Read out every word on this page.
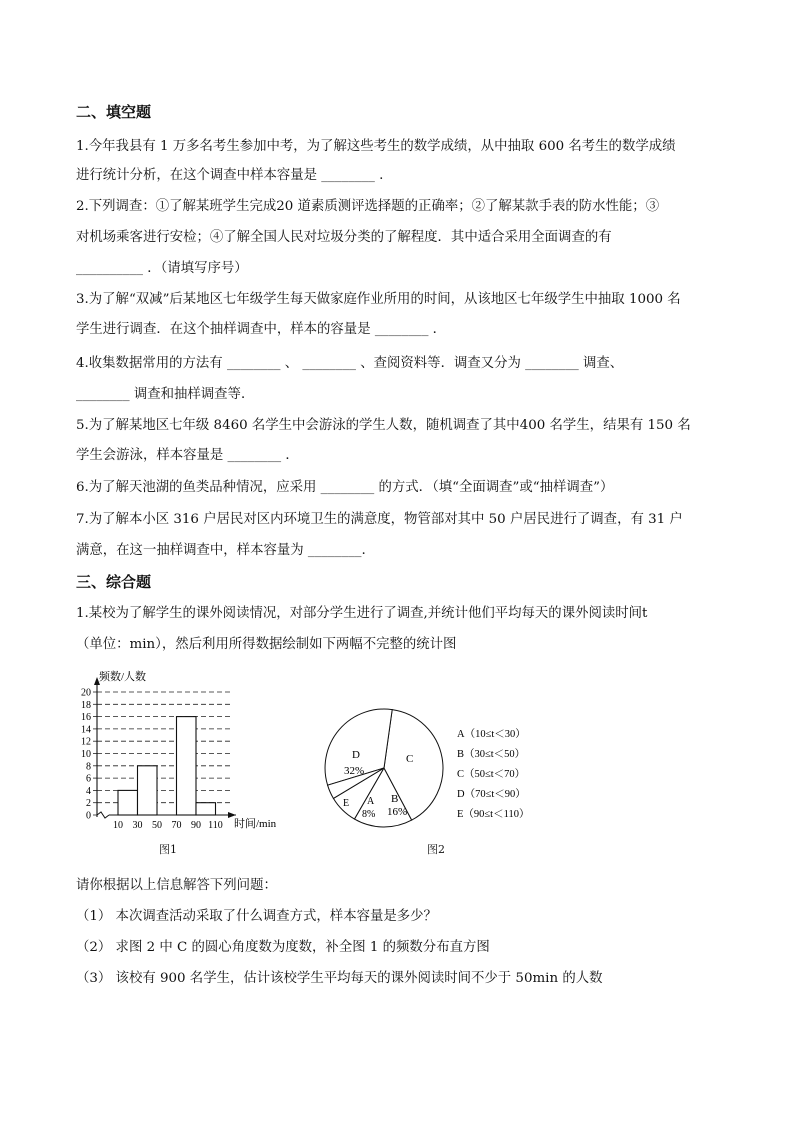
二、填空题
1.今年我县有 1 万多名考生参加中考，为了解这些考生的数学成绩，从中抽取 600 名考生的数学成绩
进行统计分析，在这个调查中样本容量是 ________ .
2.下列调查：①了解某班学生完成20 道素质测评选择题的正确率；②了解某款手表的防水性能；③
对机场乘客进行安检；④了解全国人民对垃圾分类的了解程度．其中适合采用全面调查的有
__________ ．（请填写序号）
3.为了解“双减”后某地区七年级学生每天做家庭作业所用的时间，从该地区七年级学生中抽取 1000 名
学生进行调查．在这个抽样调查中，样本的容量是 ________ ．
4.收集数据常用的方法有 ________ 、 ________ 、查阅资料等．调查又分为 ________ 调查、
________ 调查和抽样调查等．
5.为了解某地区七年级 8460 名学生中会游泳的学生人数，随机调查了其中400 名学生，结果有 150 名
学生会游泳，样本容量是 ________ ．
6.为了解天池湖的鱼类品种情况，应采用 ________ 的方式．（填“全面调查”或“抽样调查”）
7.为了解本小区 316 户居民对区内环境卫生的满意度，物管部对其中 50 户居民进行了调查，有 31 户
满意，在这一抽样调查中，样本容量为 ________.
三、综合题
1.某校为了解学生的课外阅读情况，对部分学生进行了调查,并统计他们平均每天的课外阅读时间t
（单位：min），然后利用所得数据绘制如下两幅不完整的统计图
0
2
4
6
8
10
12
14
16
18
20
10 30 50 70 90 110
频数/人数
时间/min
图1
D
32%
C
B
16%
A
8%
E
A（10≤t＜30）
B（30≤t＜50）
C（50≤t＜70）
D（70≤t＜90）
E（90≤t＜110）
图2
请你根据以上信息解答下列问题：
（1） 本次调查活动采取了什么调查方式，样本容量是多少？
（2） 求图 2 中 C 的圆心角度数为度数，补全图 1 的频数分布直方图
（3） 该校有 900 名学生，估计该校学生平均每天的课外阅读时间不少于 50min 的人数
